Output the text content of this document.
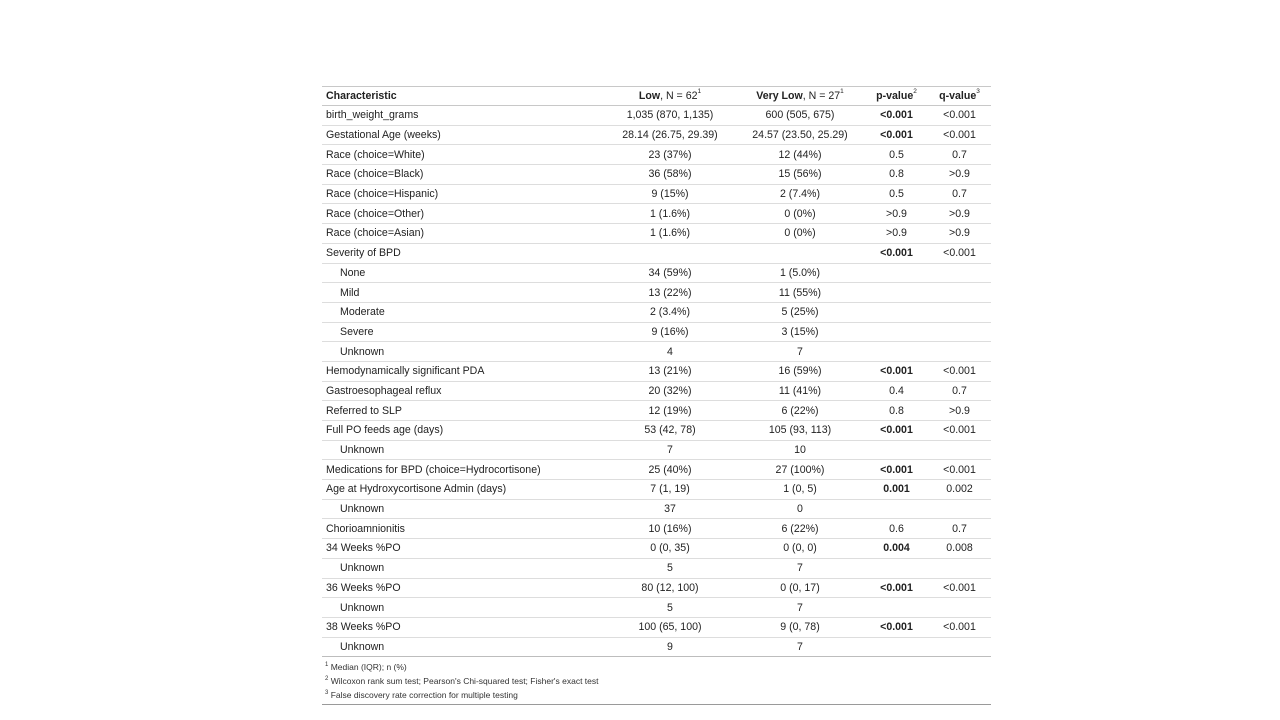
Characteristic	Low, $N = 62^1$	Very Low, $N = 27^1$	p-value$^2$	q-value$^3$
birth_weight_grams	1,035 (870, 1,135)	600 (505, 675)	<0.001	<0.001
Gestational Age (weeks)	28.14 (26.75, 29.39)	24.57 (23.50, 25.29)	<0.001	<0.001
Race (choice=White)	23 (37%)	12 (44%)	0.5	0.7
Race (choice=Black)	36 (58%)	15 (56%)	0.8	>0.9
Race (choice=Hispanic)	9 (15%)	2 (7.4%)	0.5	0.7
Race (choice=Other)	1 (1.6%)	0 (0%)	>0.9	>0.9
Race (choice=Asian)	1 (1.6%)	0 (0%)	>0.9	>0.9
Severity of BPD			<0.001	<0.001
None	34 (59%)	1 (5.0%)		
Mild	13 (22%)	11 (55%)		
Moderate	2 (3.4%)	5 (25%)		
Severe	9 (16%)	3 (15%)		
Unknown	4	7		
Hemodynamically significant PDA	13 (21%)	16 (59%)	<0.001	<0.001
Gastroesophageal reflux	20 (32%)	11 (41%)	0.4	0.7
Referred to SLP	12 (19%)	6 (22%)	0.8	>0.9
Full PO feeds age (days)	53 (42, 78)	105 (93, 113)	<0.001	<0.001
Unknown	7	10		
Medications for BPD (choice=Hydrocortisone)	25 (40%)	27 (100%)	<0.001	<0.001
Age at Hydroxycortisone Admin (days)	7 (1, 19)	1 (0, 5)	0.001	0.002
Unknown	37	0		
Chorioamnionitis	10 (16%)	6 (22%)	0.6	0.7
34 Weeks %PO	0 (0, 35)	0 (0, 0)	0.004	0.008
Unknown	5	7		
36 Weeks %PO	80 (12, 100)	0 (0, 17)	<0.001	<0.001
Unknown	5	7		
38 Weeks %PO	100 (65, 100)	9 (0, 78)	<0.001	<0.001
Unknown	9	7		
$^1$ Median (IQR); n (%)
$^2$ Wilcoxon rank sum test; Pearson's Chi-squared test; Fisher's exact test
$^3$ False discovery rate correction for multiple testing
